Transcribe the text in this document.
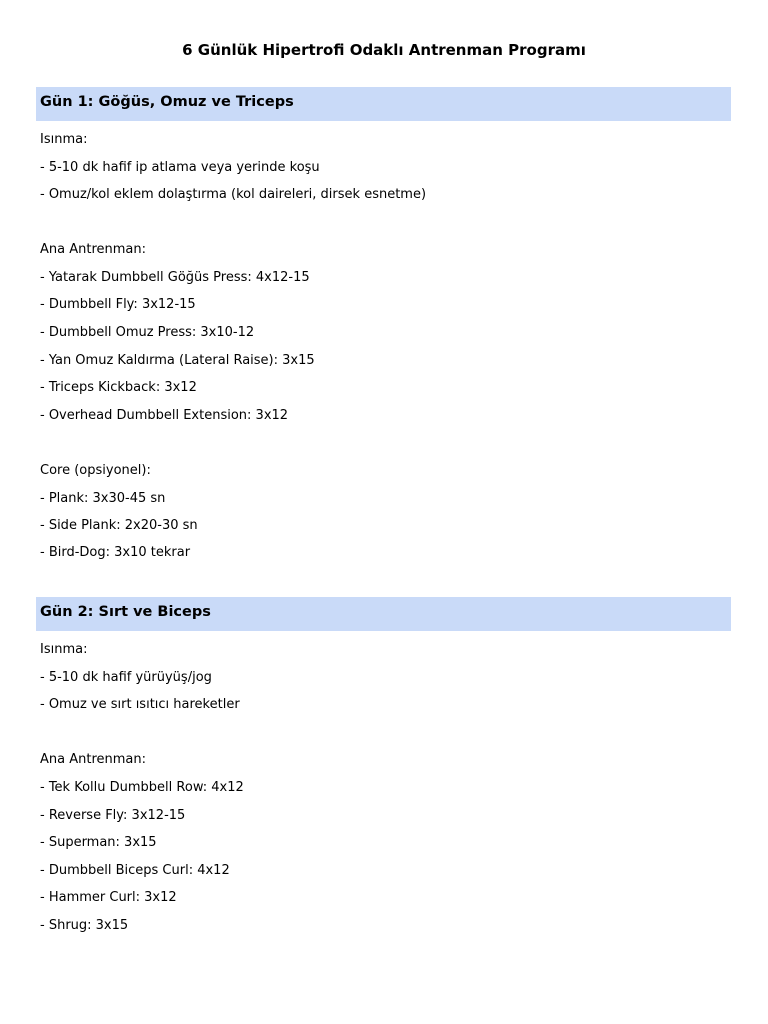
6 Günlük Hipertrofi Odaklı Antrenman Programı
Gün 1: Göğüs, Omuz ve Triceps
Isınma:
- 5-10 dk hafif ip atlama veya yerinde koşu
- Omuz/kol eklem dolaştırma (kol daireleri, dirsek esnetme)
Ana Antrenman:
- Yatarak Dumbbell Göğüs Press: 4x12-15
- Dumbbell Fly: 3x12-15
- Dumbbell Omuz Press: 3x10-12
- Yan Omuz Kaldırma (Lateral Raise): 3x15
- Triceps Kickback: 3x12
- Overhead Dumbbell Extension: 3x12
Core (opsiyonel):
- Plank: 3x30-45 sn
- Side Plank: 2x20-30 sn
- Bird-Dog: 3x10 tekrar
Gün 2: Sırt ve Biceps
Isınma:
- 5-10 dk hafif yürüyüş/jog
- Omuz ve sırt ısıtıcı hareketler
Ana Antrenman:
- Tek Kollu Dumbbell Row: 4x12
- Reverse Fly: 3x12-15
- Superman: 3x15
- Dumbbell Biceps Curl: 4x12
- Hammer Curl: 3x12
- Shrug: 3x15
